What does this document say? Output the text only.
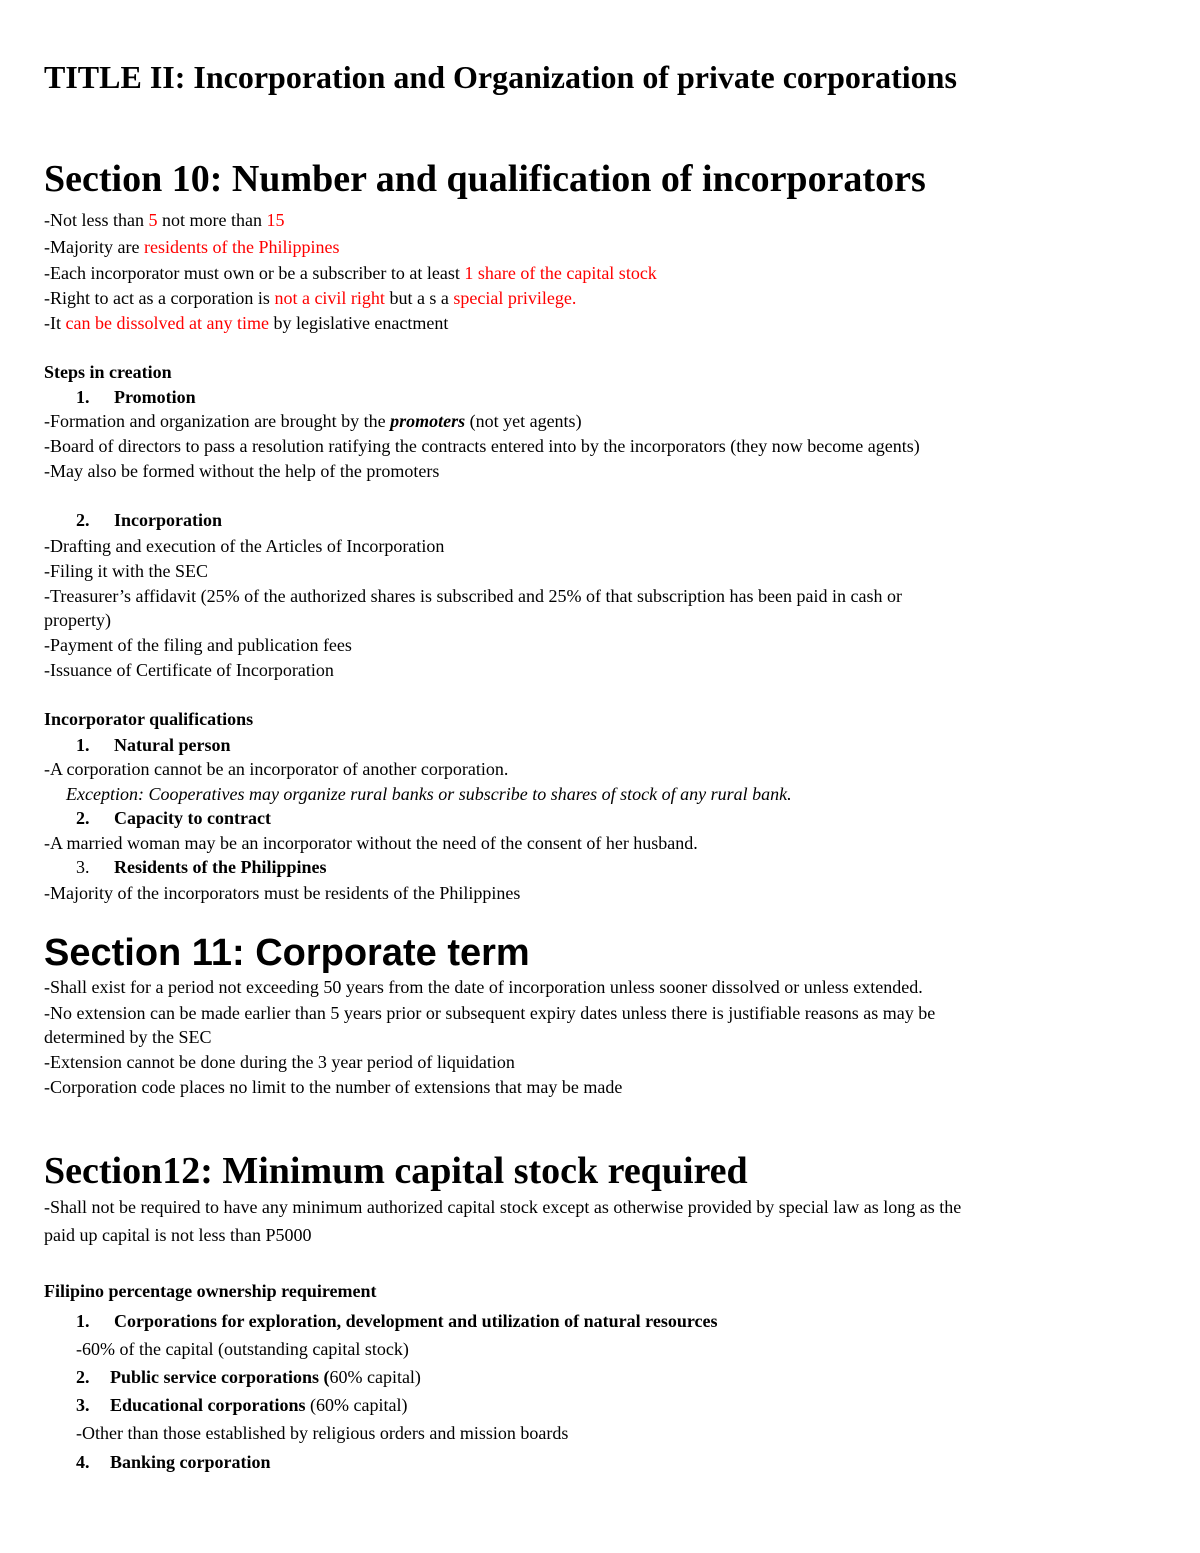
TITLE II: Incorporation and Organization of private corporations
Section 10: Number and qualification of incorporators
-Not less than 5 not more than 15
-Majority are residents of the Philippines
-Each incorporator must own or be a subscriber to at least 1 share of the capital stock
-Right to act as a corporation is not a civil right but a s a special privilege.
-It can be dissolved at any time by legislative enactment
Steps in creation
1. Promotion
-Formation and organization are brought by the promoters (not yet agents)
-Board of directors to pass a resolution ratifying the contracts entered into by the incorporators (they now become agents)
-May also be formed without the help of the promoters
2. Incorporation
-Drafting and execution of the Articles of Incorporation
-Filing it with the SEC
-Treasurer’s affidavit (25% of the authorized shares is subscribed and 25% of that subscription has been paid in cash or
property)
-Payment of the filing and publication fees
-Issuance of Certificate of Incorporation
Incorporator qualifications
1. Natural person
-A corporation cannot be an incorporator of another corporation.
Exception: Cooperatives may organize rural banks or subscribe to shares of stock of any rural bank.
2. Capacity to contract
-A married woman may be an incorporator without the need of the consent of her husband.
3. Residents of the Philippines
-Majority of the incorporators must be residents of the Philippines
Section 11: Corporate term
-Shall exist for a period not exceeding 50 years from the date of incorporation unless sooner dissolved or unless extended.
-No extension can be made earlier than 5 years prior or subsequent expiry dates unless there is justifiable reasons as may be
determined by the SEC
-Extension cannot be done during the 3 year period of liquidation
-Corporation code places no limit to the number of extensions that may be made
Section12: Minimum capital stock required
-Shall not be required to have any minimum authorized capital stock except as otherwise provided by special law as long as the
paid up capital is not less than P5000
Filipino percentage ownership requirement
1. Corporations for exploration, development and utilization of natural resources
-60% of the capital (outstanding capital stock)
2. Public service corporations (60% capital)
3. Educational corporations (60% capital)
-Other than those established by religious orders and mission boards
4. Banking corporation
